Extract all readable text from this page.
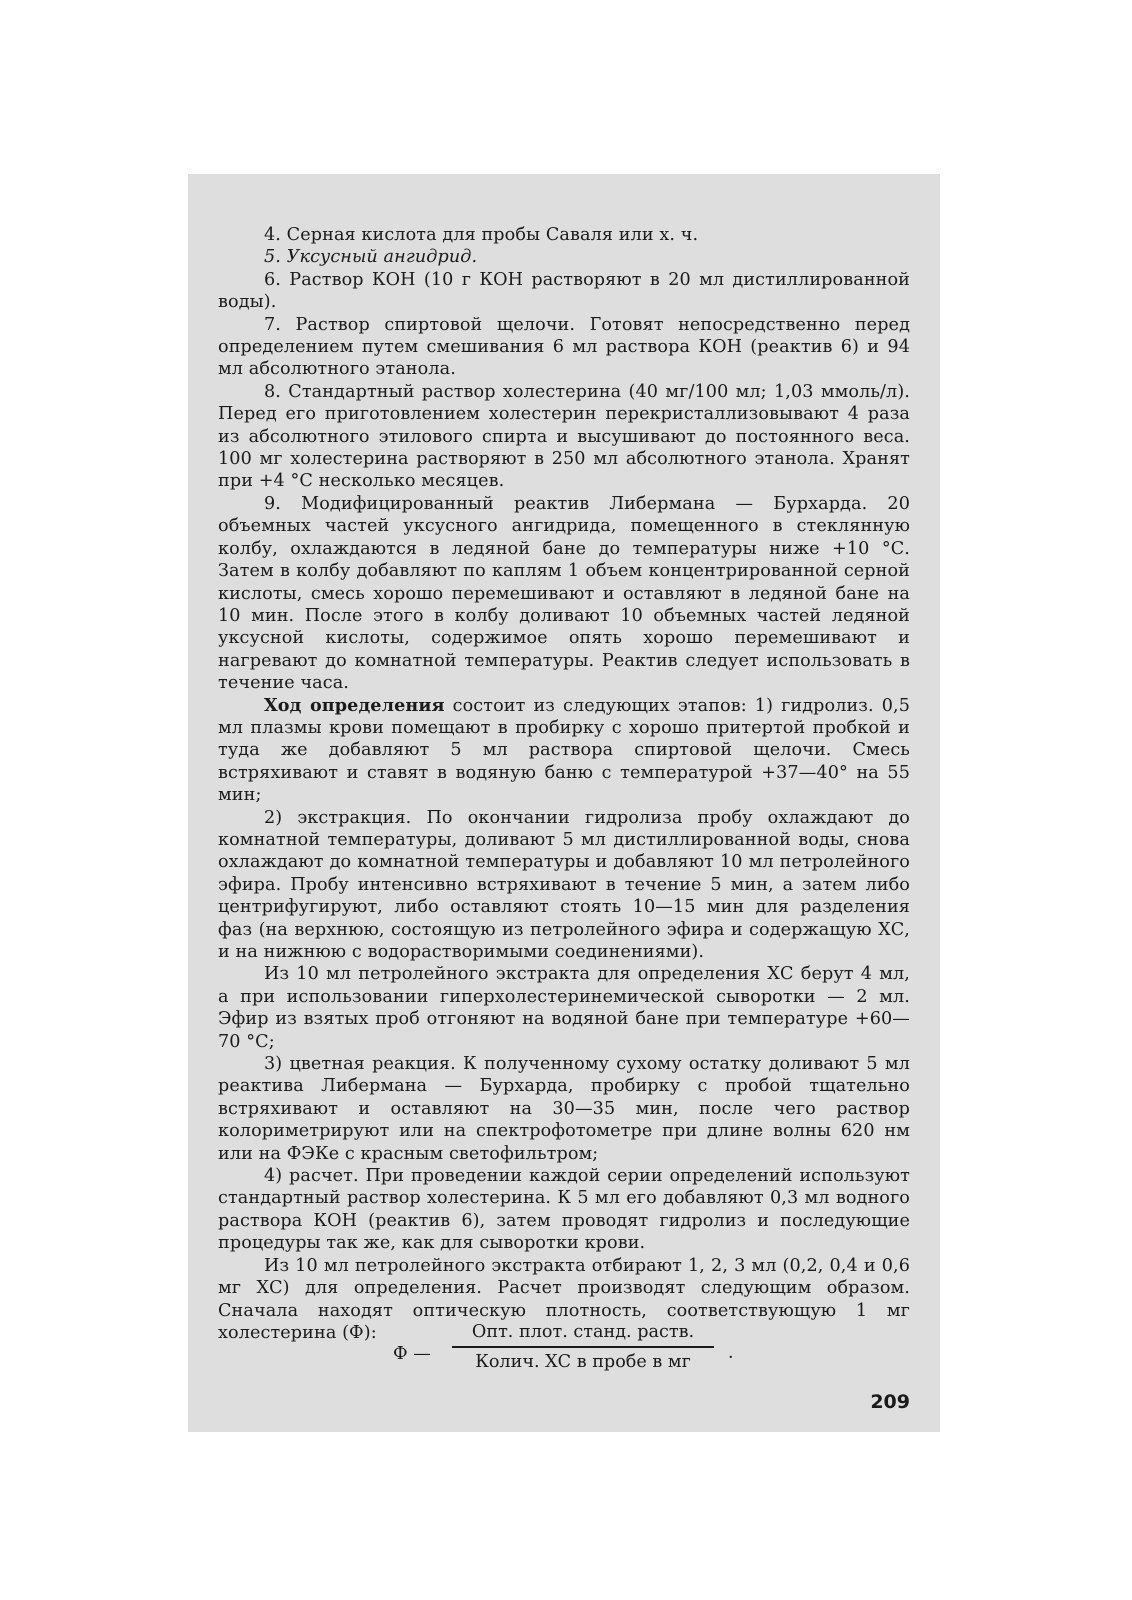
4. Серная кислота для пробы Саваля или х. ч.

5. Уксусный ангидрид.

6. Раствор КОН (10 г КОН растворяют в 20 мл дистиллированной воды).

7. Раствор спиртовой щелочи. Готовят непосредственно перед определением путем смешивания 6 мл раствора КОН (реактив 6) и 94 мл абсолютного этанола.

8. Стандартный раствор холестерина (40 мг/100 мл; 1,03 ммоль/л). Перед его приготовлением холестерин перекристаллизовывают 4 раза из абсолютного этилового спирта и высушивают до постоянного веса. 100 мг холестерина растворяют в 250 мл абсолютного этанола. Хранят при +4 °С несколько месяцев.

9. Модифицированный реактив Либермана — Бурхарда. 20 объемных частей уксусного ангидрида, помещенного в стеклянную колбу, охлаждаются в ледяной бане до температуры ниже +10 °С. Затем в колбу добавляют по каплям 1 объем концентрированной серной кислоты, смесь хорошо перемешивают и оставляют в ледяной бане на 10 мин. После этого в колбу доливают 10 объемных частей ледяной уксусной кислоты, содержимое опять хорошо перемешивают и нагревают до комнатной температуры. Реактив следует использовать в течение часа.

Ход определения состоит из следующих этапов: 1) гидролиз. 0,5 мл плазмы крови помещают в пробирку с хорошо притертой пробкой и туда же добавляют 5 мл раствора спиртовой щелочи. Смесь встряхивают и ставят в водяную баню с температурой +37—40° на 55 мин;

2) экстракция. По окончании гидролиза пробу охлаждают до комнатной температуры, доливают 5 мл дистиллированной воды, снова охлаждают до комнатной температуры и добавляют 10 мл петролейного эфира. Пробу интенсивно встряхивают в течение 5 мин, а затем либо центрифугируют, либо оставляют стоять 10—15 мин для разделения фаз (на верхнюю, состоящую из петролейного эфира и содержащую ХС, и на нижнюю с водорастворимыми соединениями).

Из 10 мл петролейного экстракта для определения ХС берут 4 мл, а при использовании гиперхолестеринемической сыворотки — 2 мл. Эфир из взятых проб отгоняют на водяной бане при температуре +60—70 °С;

3) цветная реакция. К полученному сухому остатку доливают 5 мл реактива Либермана — Бурхарда, пробирку с пробой тщательно встряхивают и оставляют на 30—35 мин, после чего раствор колориметрируют или на спектрофотометре при длине волны 620 нм или на ФЭКе с красным светофильтром;

4) расчет. При проведении каждой серии определений используют стандартный раствор холестерина. К 5 мл его добавляют 0,3 мл водного раствора КОН (реактив 6), затем проводят гидролиз и последующие процедуры так же, как для сыворотки крови.

Из 10 мл петролейного экстракта отбирают 1, 2, 3 мл (0,2, 0,4 и 0,6 мг ХС) для определения. Расчет производят следующим образом. Сначала находят оптическую плотность, соответствующую 1 мг холестерина (Ф):

Ф —
Опт. плот. станд. раств.
Колич. ХС в пробе в мг	·
209
